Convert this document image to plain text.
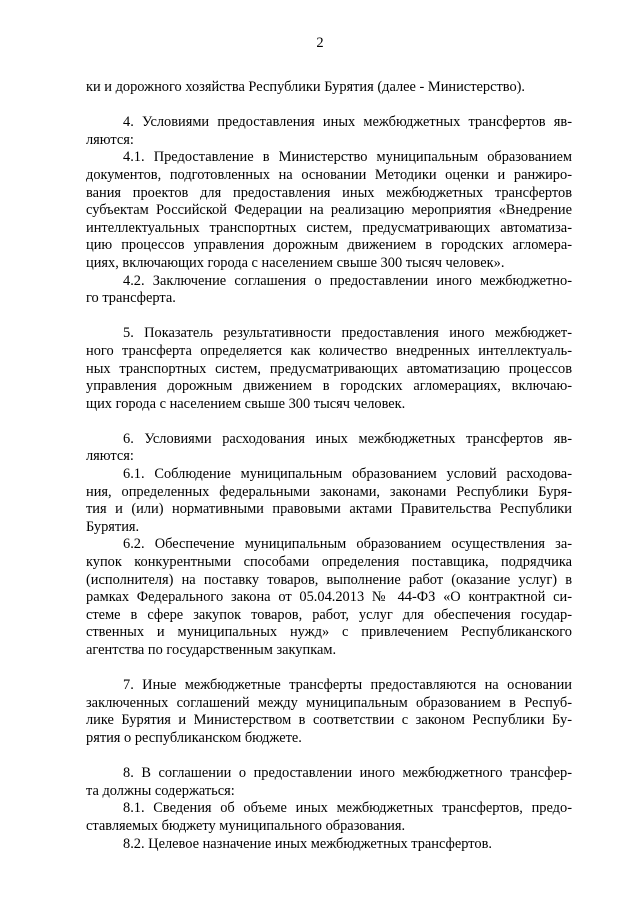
2
ки и дорожного хозяйства Республики Бурятия (далее - Министерство).
4. Условиями предоставления иных межбюджетных трансфертов яв-
ляются:
4.1. Предоставление в Министерство муниципальным образованием
документов, подготовленных на основании Методики оценки и ранжиро-
вания проектов для предоставления иных межбюджетных трансфертов
субъектам Российской Федерации на реализацию мероприятия «Внедрение
интеллектуальных транспортных систем, предусматривающих автоматиза-
цию процессов управления дорожным движением в городских агломера-
циях, включающих города с населением свыше 300 тысяч человек».
4.2. Заключение соглашения о предоставлении иного межбюджетно-
го трансферта.
5. Показатель результативности предоставления иного межбюджет-
ного трансферта определяется как количество внедренных интеллектуаль-
ных транспортных систем, предусматривающих автоматизацию процессов
управления дорожным движением в городских агломерациях, включаю-
щих города с населением свыше 300 тысяч человек.
6. Условиями расходования иных межбюджетных трансфертов яв-
ляются:
6.1. Соблюдение муниципальным образованием условий расходова-
ния, определенных федеральными законами, законами Республики Буря-
тия и (или) нормативными правовыми актами Правительства Республики
Бурятия.
6.2. Обеспечение муниципальным образованием осуществления за-
купок конкурентными способами определения поставщика, подрядчика
(исполнителя) на поставку товаров, выполнение работ (оказание услуг) в
рамках Федерального закона от 05.04.2013 № 44-ФЗ «О контрактной си-
стеме в сфере закупок товаров, работ, услуг для обеспечения государ-
ственных и муниципальных нужд» с привлечением Республиканского
агентства по государственным закупкам.
7. Иные межбюджетные трансферты предоставляются на основании
заключенных соглашений между муниципальным образованием в Респуб-
лике Бурятия и Министерством в соответствии с законом Республики Бу-
рятия о республиканском бюджете.
8. В соглашении о предоставлении иного межбюджетного трансфер-
та должны содержаться:
8.1. Сведения об объеме иных межбюджетных трансфертов, предо-
ставляемых бюджету муниципального образования.
8.2. Целевое назначение иных межбюджетных трансфертов.
